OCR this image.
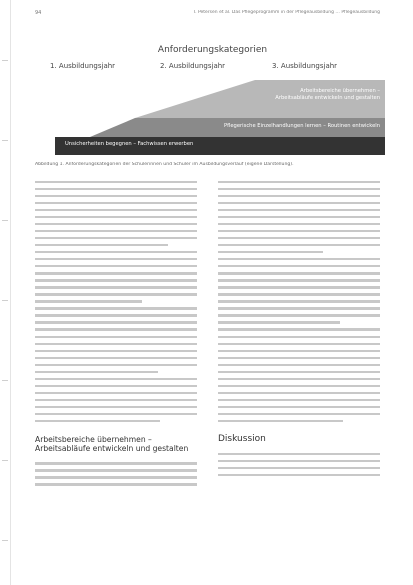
94	T. Petersen et al. Das Pflegeprogramm in der Pflegeausbildung … Pflegeausbildung
Anforderungskategorien
1. Ausbildungsjahr	2. Ausbildungsjahr	3. Ausbildungsjahr
Arbeitsbereiche übernehmen –
Arbeitsabläufe entwickeln und gestalten
Pflegerische Einzelhandlungen lernen – Routinen entwickeln
Unsicherheiten begegnen – Fachwissen erwerben
Abbildung 1. Anforderungskategorien der Schülerinnen und Schüler im Ausbildungsverlauf (eigene Darstellung).
Arbeitsbereiche übernehmen –
Arbeitsabläufe entwickeln und gestalten
Diskussion
